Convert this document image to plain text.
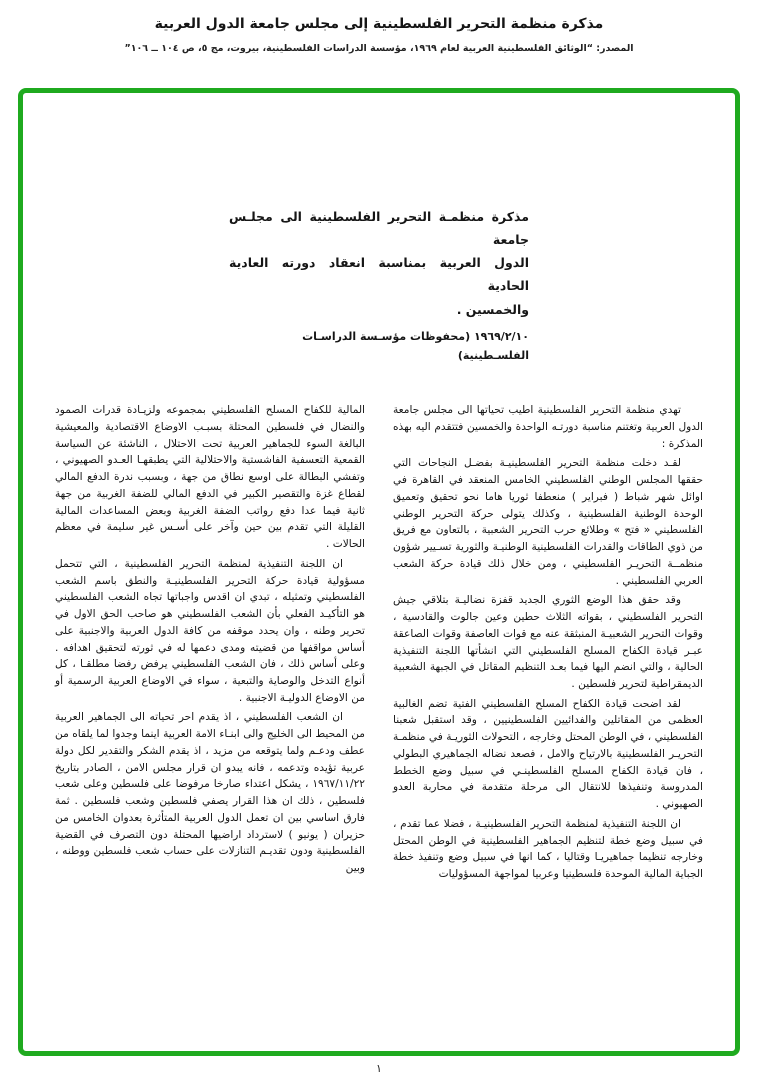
مذكرة منظمة التحرير الفلسطينية إلى مجلس جامعة الدول العربية

المصدر: “الوثائق الفلسطينية العربية لعام ١٩٦٩، مؤسسة الدراسات الفلسطينية، بيروت، مج ٥، ص ١٠٤ ــ ١٠٦”

مذكرة منظمـة التحرير الفلسطينية الى مجلـس جامعة

الدول العربية بمناسبة انعقاد دورته العادية الحادية

والخمسين .

١٩٦٩/٢/١٠ (محفوظات مؤسـسة الدراسـات الفلسـطينية)

تهدي منظمة التحرير الفلسطينية اطيب تحياتها الى مجلس جامعة الدول العربية وتغتنم مناسبة دورتـه الواحدة والخمسين فتتقدم اليه بهذه المذكرة :

لقـد دخلت منظمة التحرير الفلسطينيـة بفضـل النجاحات التي حققها المجلس الوطني الفلسطيني الخامس المنعقد في القاهرة في اوائل شهر شباط ( فبراير ) منعطفا ثوريا هاما نحو تحقيق وتعميق الوحدة الوطنية الفلسطينية ، وكذلك يتولى حركة التحرير الوطني الفلسطيني « فتح » وطلائع حرب التحرير الشعبية ، بالتعاون مع فريق من ذوي الطاقات والقدرات الفلسطينية الوطنيـة والثورية تسـيير شؤون منظمــة التحريـر الفلسطيني ، ومن خلال ذلك قيادة حركة الشعب العربي الفلسطيني .

وقد حقق هذا الوضع الثوري الجديد قفزة نضاليـة بتلاقي جيش التحرير الفلسطيني ، بقواته الثلاث حطين وعين جالوت والقادسية ، وقوات التحرير الشعبيـة المنبثقة عنه مع قوات العاصفة وقوات الصاعقة عبـر قيادة الكفاح المسلح الفلسطيني التي انشأتها اللجنة التنفيذية الحالية ، والتي انضم اليها فيما بعـد التنظيم المقاتل في الجبهة الشعبية الديمقراطية لتحرير فلسطين .

لقد اضحت قيادة الكفاح المسلح الفلسطيني الفتية تضم الغالبية العظمى من المقاتلين والفدائيين الفلسطينيين ، وقد استقبل شعبنا الفلسطيني ، في الوطن المحتل وخارجه ، التحولات الثوريـة في منظمـة التحريـر الفلسطينية بالارتياح والامل ، فصعد نضاله الجماهيري البطولي ، فان قيادة الكفاح المسلح الفلسطينـي في سبيل وضع الخطط المدروسة وتنفيذها للانتقال الى مرحلة متقدمة في محاربة العدو الصهيوني .

ان اللجنة التنفيذية لمنظمة التحرير الفلسطينيـة ، فضلا عما تقدم ، في سبيل وضع خطة لتنظيم الجماهير الفلسطينية في الوطن المحتل وخارجه تنظيما جماهيريـا وقتاليا ، كما انها في سبيل وضع وتنفيذ خطة الجباية المالية الموحدة فلسطينيا وعربيا لمواجهة المسؤوليات

المالية للكفاح المسلح الفلسطيني بمجموعه ولزيـادة قدرات الصمود والنضال في فلسطين المحتلة بسبـب الاوضاع الاقتصادية والمعيشية البالغة السوء للجماهير العربية تحت الاحتلال ، الناشئة عن السياسة القمعية التعسفية الفاشستية والاحتلالية التي يطبقهـا العـدو الصهيوني ، وتفشي البطالة على اوسع نطاق من جهة ، وبسبب ندرة الدفع المالي لقطاع غزة والتقصير الكبير في الدفع المالي للضفة الغربية من جهة ثانية فيما عدا دفع رواتب الضفة الغربية وبعض المساعدات المالية القليلة التي تقدم بين حين وآخر على أسـس غير سليمة في معظم الحالات .

ان اللجنة التنفيذية لمنظمة التحرير الفلسطينية ، التي تتحمل مسؤولية قيادة حركة التحرير الفلسطينيـة والنطق باسم الشعب الفلسطيني وتمثيله ، تبدي ان اقدس واجباتها تجاه الشعب الفلسطيني هو التأكيـد الفعلي بأن الشعب الفلسطيني هو صاحب الحق الاول في تحرير وطنه ، وان يحدد موقفه من كافة الدول العربية والاجنبية على أساس مواقفها من قضيته ومدى دعمها له في ثورته لتحقيق اهدافه . وعلى أساس ذلك ، فان الشعب الفلسطيني يرفض رفضا مطلقـا ، كل أنواع التدخل والوصاية والتبعية ، سواء في الاوضاع العربية الرسمية أو من الاوضاع الدوليـة الاجنبية .

ان الشعب الفلسطيني ، اذ يقدم احر تحياته الى الجماهير العربية من المحيط الى الخليج والى ابنـاء الامة العربية اينما وجدوا لما يلقاه من عطف ودعـم ولما يتوقعه من مزيد ، اذ يقدم الشكر والتقدير لكل دولة عربية تؤيده وتدعمه ، فانه يبدو ان قرار مجلس الامن ، الصادر بتاريخ ١٩٦٧/١١/٢٢ ، يشكل اعتداء صارخا مرفوضا على فلسطين وعلى شعب فلسطين ، ذلك ان هذا القرار يصفي فلسطين وشعب فلسطين . ثمة فارق اساسي بين ان تعمل الدول العربية المتأثرة بعدوان الخامس من حزيران ( يونيو ) لاسترداد اراضيها المحتلة دون التصرف في القضية الفلسطينية ودون تقديـم التنازلات على حساب شعب فلسطين ووطنه ، وبين

١
